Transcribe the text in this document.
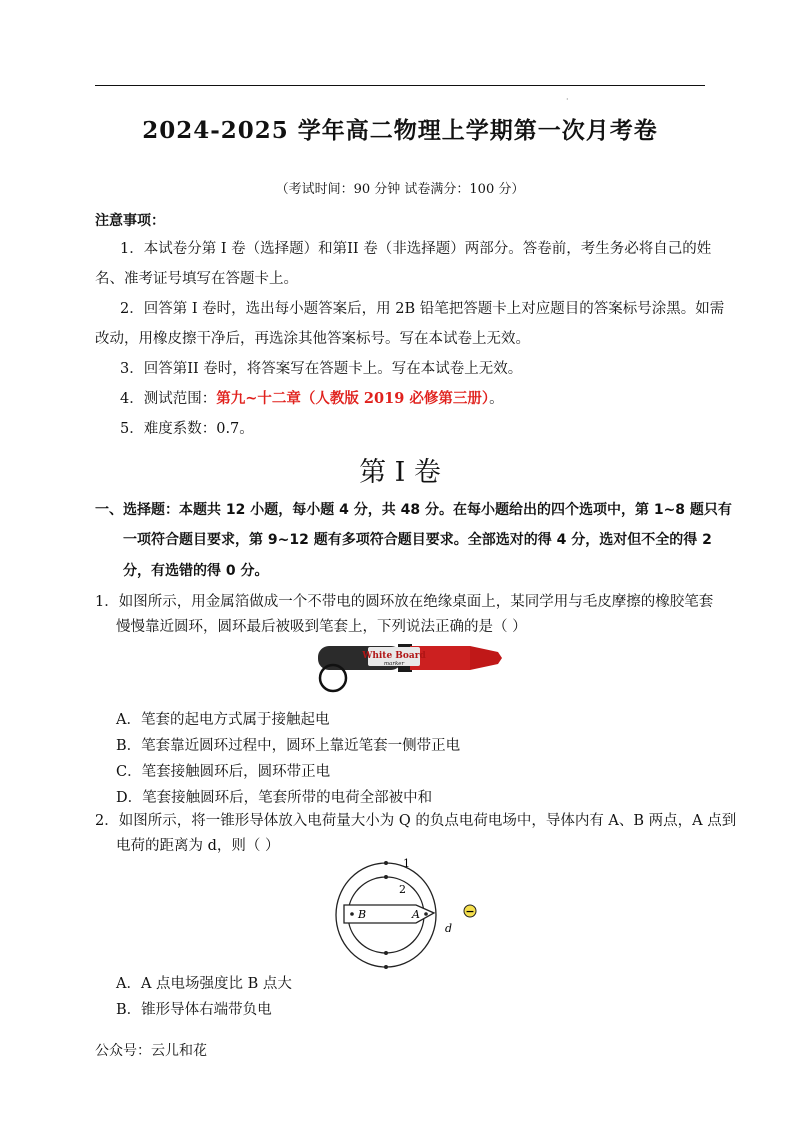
·
2024-2025 学年高二物理上学期第一次月考卷
（考试时间：90 分钟 试卷满分：100 分）
注意事项：
1．本试卷分第 I 卷（选择题）和第II 卷（非选择题）两部分。答卷前，考生务必将自己的姓
名、准考证号填写在答题卡上。
2．回答第 I 卷时，选出每小题答案后，用 2B 铅笔把答题卡上对应题目的答案标号涂黑。如需
改动，用橡皮擦干净后，再选涂其他答案标号。写在本试卷上无效。
3．回答第II 卷时，将答案写在答题卡上。写在本试卷上无效。
4．测试范围：第九~十二章（人教版 2019 必修第三册）。
5．难度系数：0.7。
第 I 卷
一、选择题：本题共 12 小题，每小题 4 分，共 48 分。在每小题给出的四个选项中，第 1~8 题只有
一项符合题目要求，第 9~12 题有多项符合题目要求。全部选对的得 4 分，选对但不全的得 2
分，有选错的得 0 分。
1．如图所示，用金属箔做成一个不带电的圆环放在绝缘桌面上，某同学用与毛皮摩擦的橡胶笔套
慢慢靠近圆环，圆环最后被吸到笔套上，下列说法正确的是（ ）
White Board
marker
A．笔套的起电方式属于接触起电
B．笔套靠近圆环过程中，圆环上靠近笔套一侧带正电
C．笔套接触圆环后，圆环带正电
D．笔套接触圆环后，笔套所带的电荷全部被中和
2．如图所示，将一锥形导体放入电荷量大小为 Q 的负点电荷电场中，导体内有 A、B 两点，A 点到
电荷的距离为 d，则（ ）
1
2
B	A
d
−
A．A 点电场强度比 B 点大
B．锥形导体右端带负电
公众号：云儿和花
